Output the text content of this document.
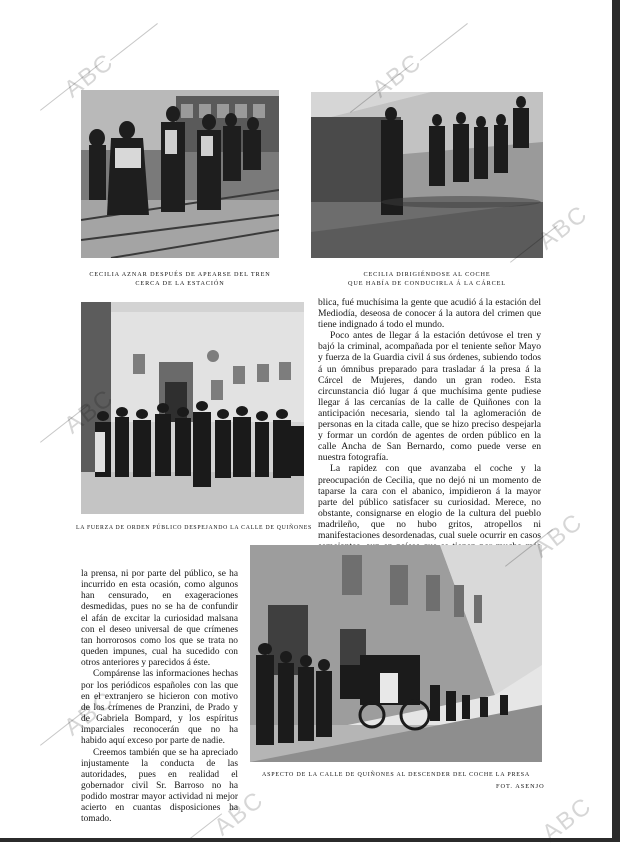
CECILIA AZNAR DESPUÉS DE APEARSE DEL TREN
CERCA DE LA ESTACIÓN
CECILIA DIRIGIÉNDOSE AL COCHE
QUE HABÍA DE CONDUCIRLA Á LA CÁRCEL
LA FUERZA DE ORDEN PÚBLICO DESPEJANDO LA CALLE DE QUIÑONES

blica, fué muchísima la gente que acudió á la estación del Mediodía, deseosa de conocer á la autora del crimen que tiene indignado á todo el mundo.

Poco antes de llegar á la estación detúvose el tren y bajó la criminal, acompañada por el teniente señor Mayo y fuerza de la Guardia civil á sus órdenes, subiendo todos á un ómnibus preparado para trasladar á la presa á la Cárcel de Mujeres, dando un gran rodeo. Esta circunstancia dió lugar á que muchísima gente pudiese llegar á las cercanías de la calle de Quiñones con la anticipación necesaria, siendo tal la aglomeración de personas en la citada calle, que se hizo preciso despejarla y formar un cordón de agentes de orden público en la calle Ancha de San Bernardo, como puede verse en nuestra fotografía.

La rapidez con que avanzaba el coche y la preocupación de Cecilia, que no dejó ni un momento de taparse la cara con el abanico, impidieron á la mayor parte del público satisfacer su curiosidad. Merece, no obstante, consignarse en elogio de la cultura del pueblo madrileño, que no hubo gritos, atropellos ni manifestaciones desordenadas, cual suele ocurrir en casos

la prensa, ni por parte del público, se ha incurrido en esta ocasión, como algunos han censurado, en exageraciones desmedidas, pues no se ha de confundir el afán de excitar la curiosidad malsana con el deseo universal de que crímenes tan horrorosos como los que se trata no queden impunes, cual ha sucedido con otros anteriores y parecidos á éste.

Compárense las informaciones hechas por los periódicos españoles con las que en el extranjero se hicieron con motivo de los crímenes de Pranzini, de Prado y de Gabriela Bompard, y los espíritus imparciales reconocerán que no ha habido aquí exceso por parte de nadie.

Creemos también que se ha apreciado injustamente la conducta de las autoridades, pues en realidad el gobernador civil Sr. Barroso no ha podido mostrar mayor actividad ni mejor acierto en cuantas disposiciones ha tomado.

ASPECTO DE LA CALLE DE QUIÑONES AL DESCENDER DEL COCHE LA PRESA
FOT. ASENJO
ABC	ABC
ABC
ABC
ABC
ABC	ABC
